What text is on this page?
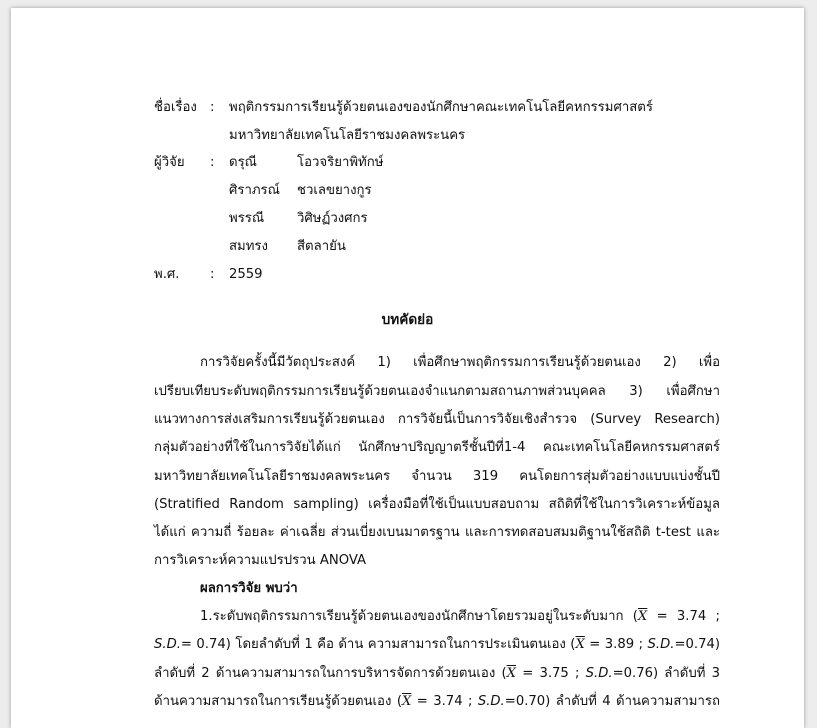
ชื่อเรื่อง : พฤติกรรมการเรียนรู้ด้วยตนเองของนักศึกษาคณะเทคโนโลยีคหกรรมศาสตร์
มหาวิทยาลัยเทคโนโลยีราชมงคลพระนคร
ผู้วิจัย : ดรุณี	โอวจริยาพิทักษ์
ศิราภรณ์ ชวเลขยางกูร
พรรณี วิศิษฏ์วงศกร
สมทรง สีตลายัน
พ.ศ. : 2559
บทคัดย่อ
การวิจัยครั้งนี้มีวัตถุประสงค์ 1) เพื่อศึกษาพฤติกรรมการเรียนรู้ด้วยตนเอง 2) เพื่อ
เปรียบเทียบระดับพฤติกรรมการเรียนรู้ด้วยตนเองจำแนกตามสถานภาพส่วนบุคคล 3) เพื่อศึกษา
แนวทางการส่งเสริมการเรียนรู้ด้วยตนเอง การวิจัยนี้เป็นการวิจัยเชิงสำรวจ (Survey Research)
กลุ่มตัวอย่างที่ใช้ในการวิจัยได้แก่ นักศึกษาปริญญาตรีชั้นปีที่1-4 คณะเทคโนโลยีคหกรรมศาสตร์
มหาวิทยาลัยเทคโนโลยีราชมงคลพระนคร จำนวน 319 คนโดยการสุ่มตัวอย่างแบบแบ่งชั้นปี
(Stratified Random sampling) เครื่องมือที่ใช้เป็นแบบสอบถาม สถิติที่ใช้ในการวิเคราะห์ข้อมูล
ได้แก่ ความถี่ ร้อยละ ค่าเฉลี่ย ส่วนเบี่ยงเบนมาตรฐาน และการทดสอบสมมติฐานใช้สถิติ t-test และ
การวิเคราะห์ความแปรปรวน ANOVA
ผลการวิจัย พบว่า
1.ระดับพฤติกรรมการเรียนรู้ด้วยตนเองของนักศึกษาโดยรวมอยู่ในระดับมาก ($\overline{X} = 3.74$ ;
S.D.= 0.74) โดยลำดับที่ 1 คือ ด้าน ความสามารถในการประเมินตนเอง ($\overline{X} = 3.89$ ; S.D.=0.74)
ลำดับที่ 2 ด้านความสามารถในการบริหารจัดการด้วยตนเอง ($\overline{X} = 3.75$ ; S.D.=0.76) ลำดับที่ 3
ด้านความสามารถในการเรียนรู้ด้วยตนเอง ($\overline{X} = 3.74$ ; S.D.=0.70) ลำดับที่ 4 ด้านความสามารถ
